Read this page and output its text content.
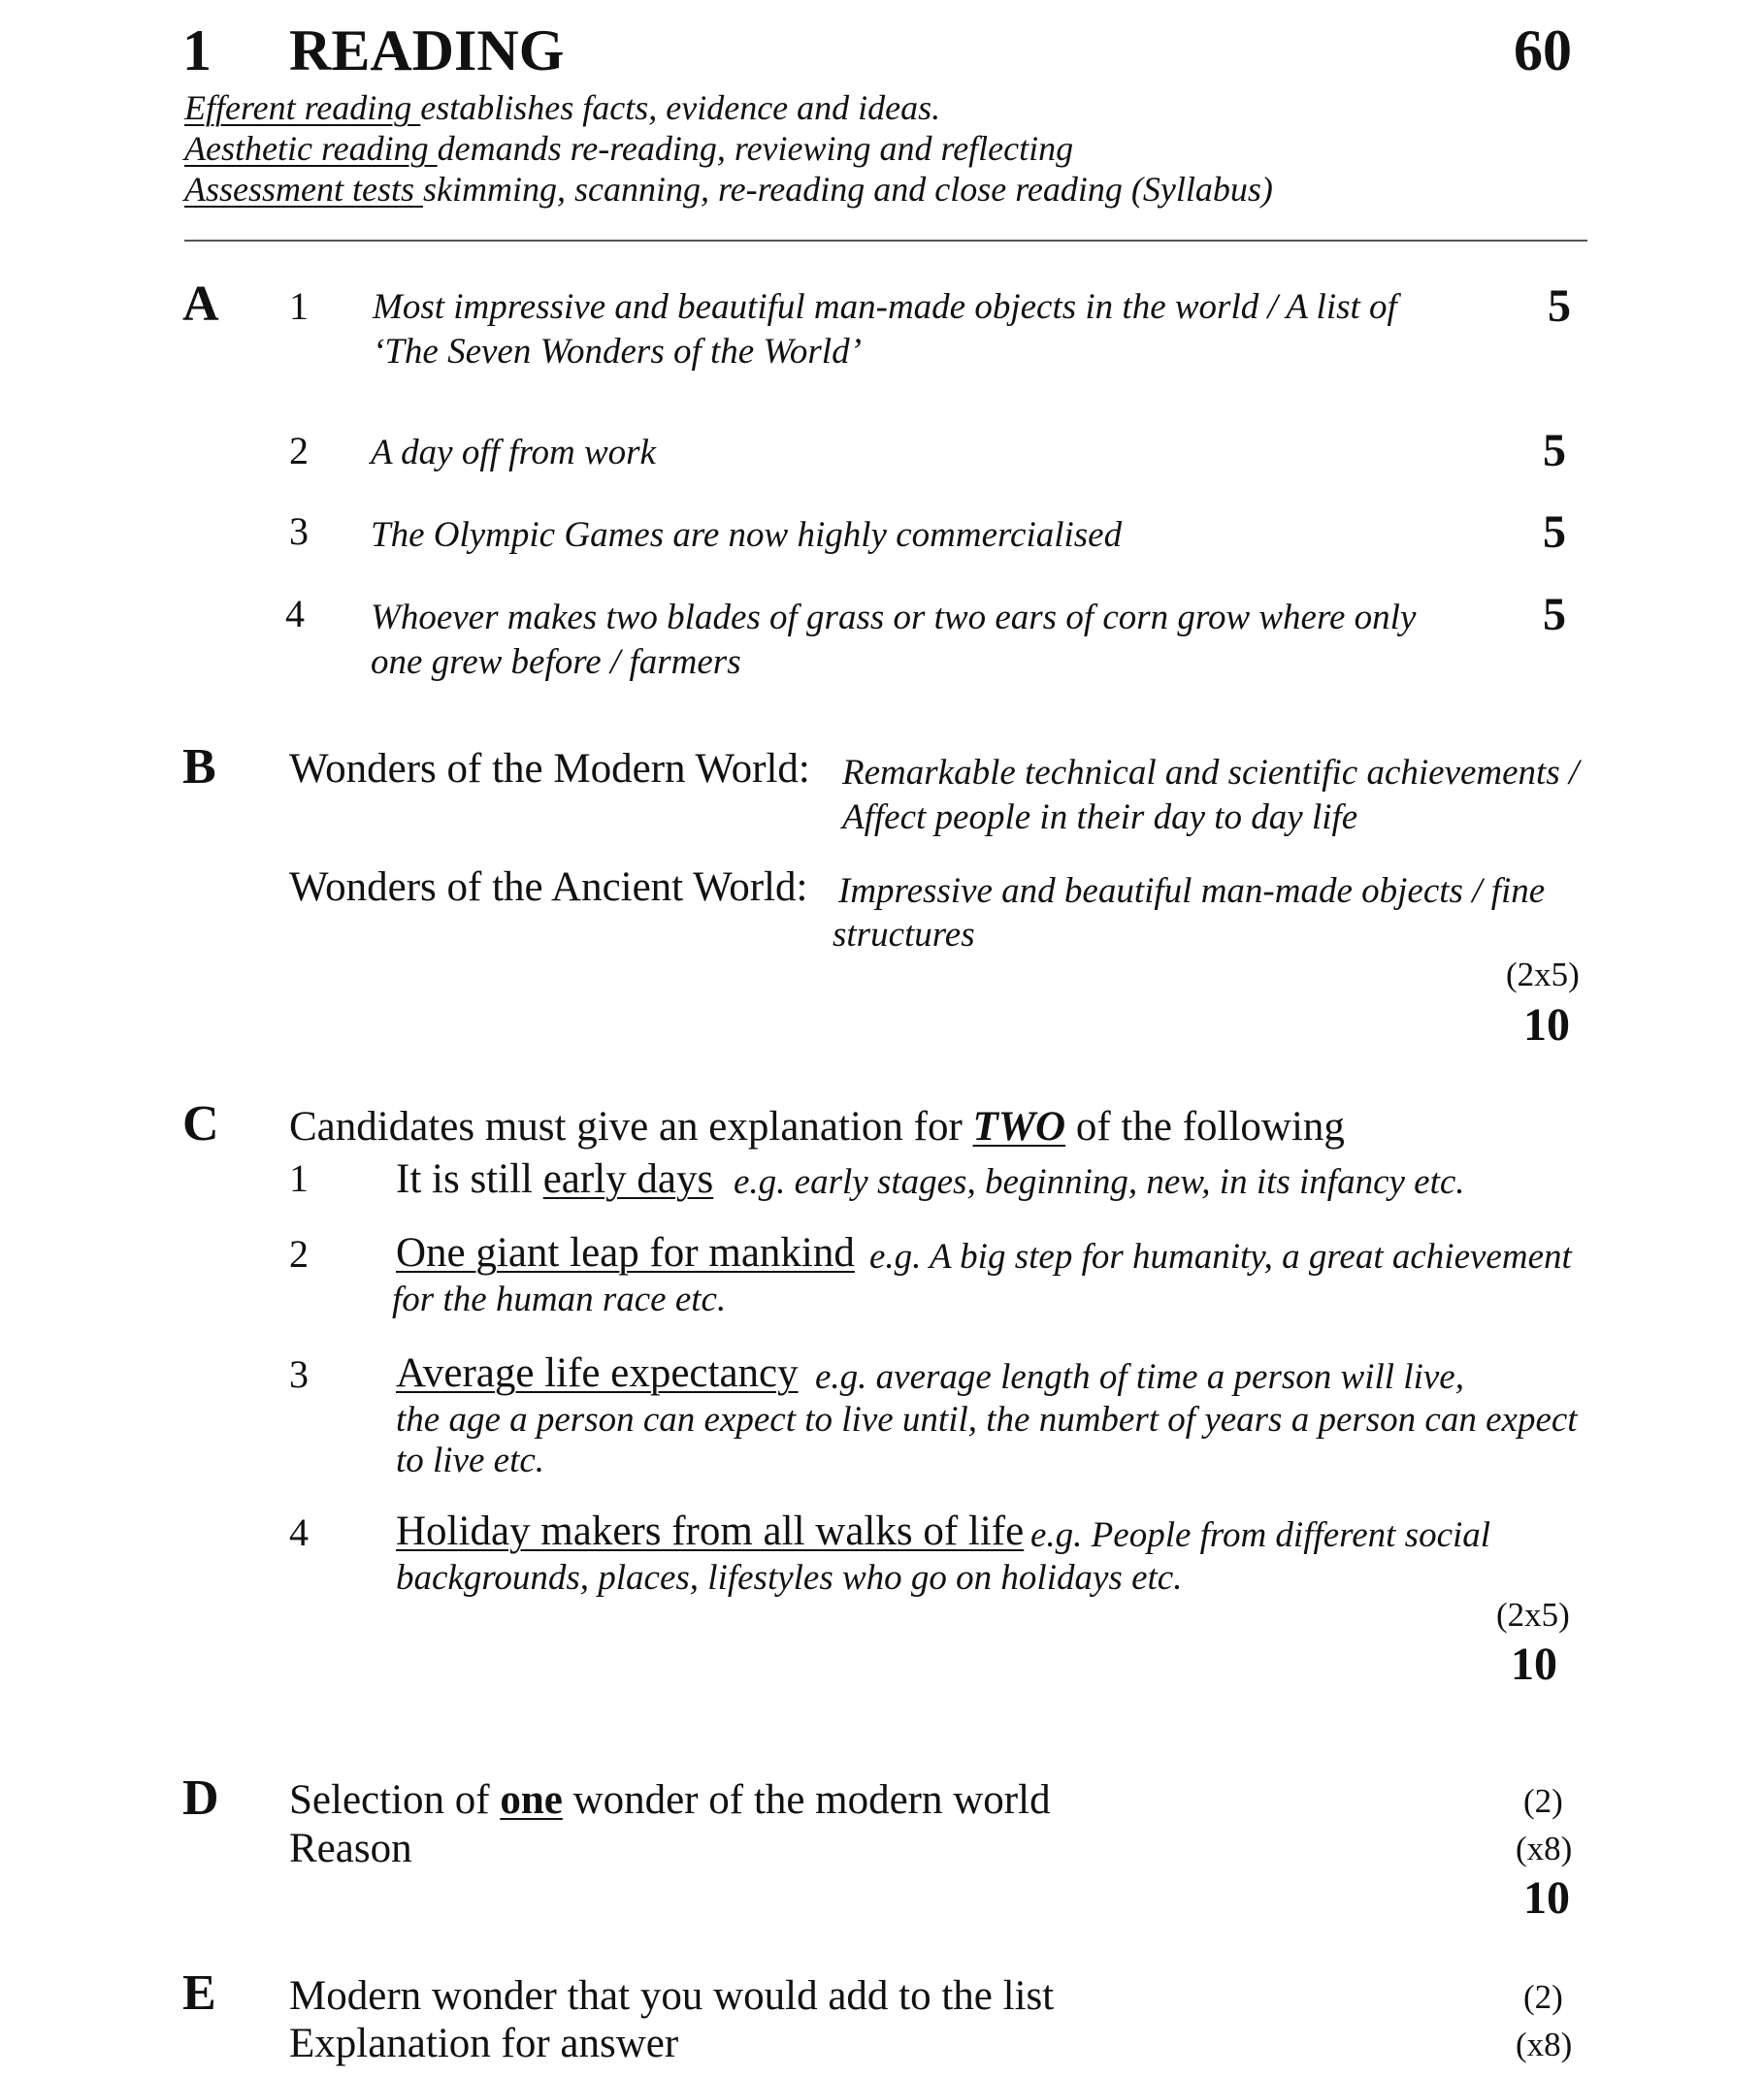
1 READING	60
Efferent reading establishes facts, evidence and ideas.
Aesthetic reading demands re-reading, reviewing and reflecting
Assessment tests skimming, scanning, re-reading and close reading (Syllabus)
A 1 Most impressive and beautiful man-made objects in the world / A list of
‘The Seven Wonders of the World’
5
2 A day off from work	5
3 The Olympic Games are now highly commercialised	5
4 Whoever makes two blades of grass or two ears of corn grow where only
one grew before / farmers
5
B Wonders of the Modern World: Remarkable technical and scientific achievements /
Affect people in their day to day life
Wonders of the Ancient World: Impressive and beautiful man-made objects / fine
structures
(2x5)
10
C Candidates must give an explanation for TWO of the following
1 It is still early days e.g. early stages, beginning, new, in its infancy etc.
2 One giant leap for mankind e.g. A big step for humanity, a great achievement
for the human race etc.
3 Average life expectancy e.g. average length of time a person will live,
the age a person can expect to live until, the numbert of years a person can expect
to live etc.
4 Holiday makers from all walks of life e.g. People from different social
backgrounds, places, lifestyles who go on holidays etc.
(2x5)
10
D Selection of one wonder of the modern world	(2)
Reason	(x8)
10
E Modern wonder that you would add to the list	(2)
Explanation for answer	(x8)
